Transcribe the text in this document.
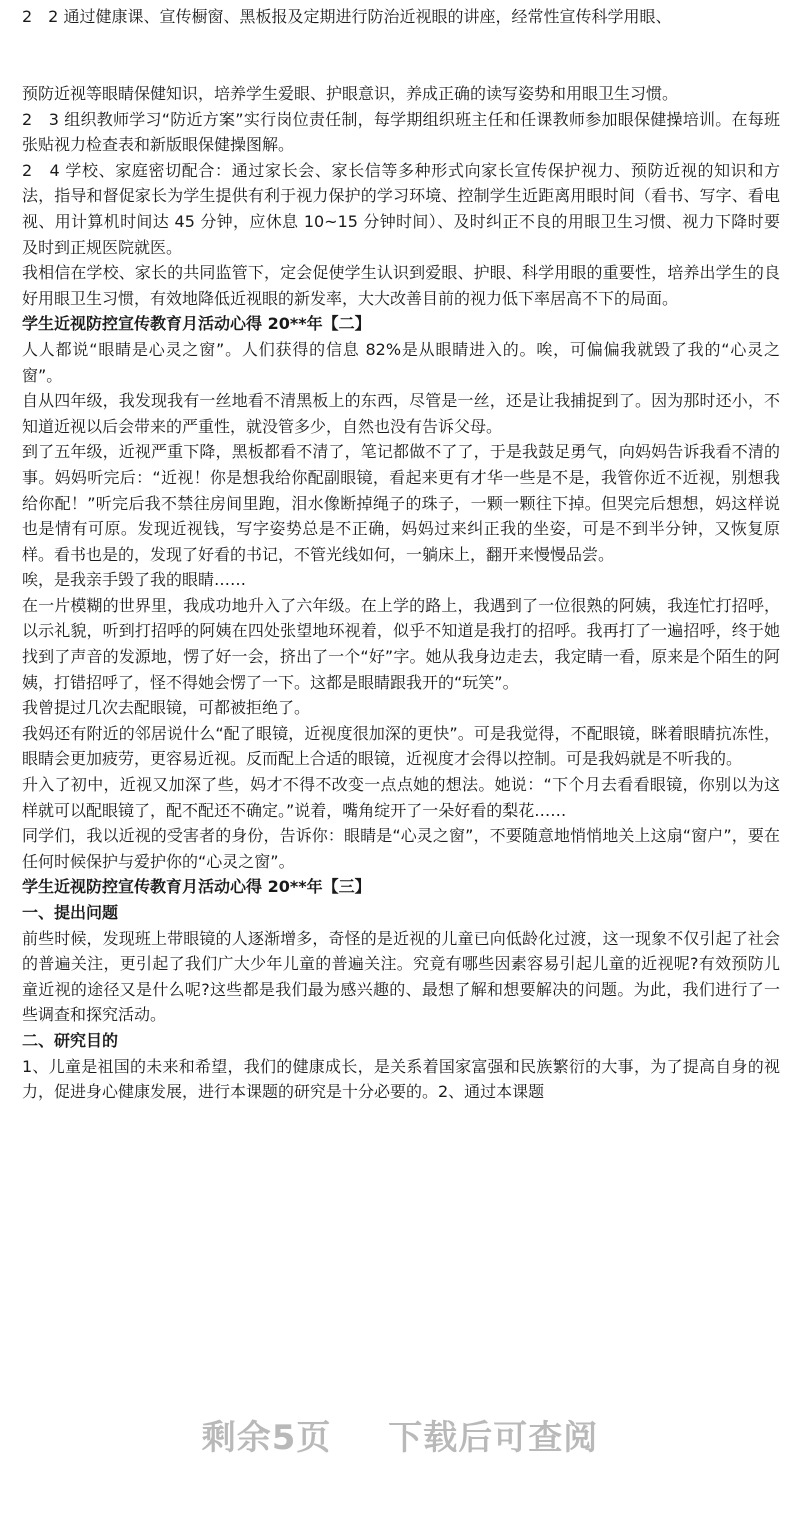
2　2 通过健康课、宣传橱窗、黑板报及定期进行防治近视眼的讲座，经常性宣传科学用眼、

预防近视等眼睛保健知识，培养学生爱眼、护眼意识，养成正确的读写姿势和用眼卫生习惯。

2　3 组织教师学习“防近方案”实行岗位责任制，每学期组织班主任和任课教师参加眼保健操培训。在每班张贴视力检查表和新版眼保健操图解。

2　4 学校、家庭密切配合：通过家长会、家长信等多种形式向家长宣传保护视力、预防近视的知识和方法，指导和督促家长为学生提供有利于视力保护的学习环境、控制学生近距离用眼时间（看书、写字、看电视、用计算机时间达 45 分钟，应休息 10~15 分钟时间）、及时纠正不良的用眼卫生习惯、视力下降时要及时到正规医院就医。

我相信在学校、家长的共同监管下，定会促使学生认识到爱眼、护眼、科学用眼的重要性，培养出学生的良好用眼卫生习惯，有效地降低近视眼的新发率，大大改善目前的视力低下率居高不下的局面。

学生近视防控宣传教育月活动心得 20**年【二】

人人都说“眼睛是心灵之窗”。人们获得的信息 82%是从眼睛进入的。唉，可偏偏我就毁了我的“心灵之窗”。

自从四年级，我发现我有一丝地看不清黑板上的东西，尽管是一丝，还是让我捕捉到了。因为那时还小，不知道近视以后会带来的严重性，就没管多少，自然也没有告诉父母。

到了五年级，近视严重下降，黑板都看不清了，笔记都做不了了，于是我鼓足勇气，向妈妈告诉我看不清的事。妈妈听完后：“近视！你是想我给你配副眼镜，看起来更有才华一些是不是，我管你近不近视，别想我给你配！”听完后我不禁往房间里跑，泪水像断掉绳子的珠子，一颗一颗往下掉。但哭完后想想，妈这样说也是情有可原。发现近视钱，写字姿势总是不正确，妈妈过来纠正我的坐姿，可是不到半分钟，又恢复原样。看书也是的，发现了好看的书记，不管光线如何，一躺床上，翻开来慢慢品尝。

唉，是我亲手毁了我的眼睛……

在一片模糊的世界里，我成功地升入了六年级。在上学的路上，我遇到了一位很熟的阿姨，我连忙打招呼，以示礼貌，听到打招呼的阿姨在四处张望地环视着，似乎不知道是我打的招呼。我再打了一遍招呼，终于她找到了声音的发源地，愣了好一会，挤出了一个“好”字。她从我身边走去，我定睛一看，原来是个陌生的阿姨，打错招呼了，怪不得她会愣了一下。这都是眼睛跟我开的“玩笑”。

我曾提过几次去配眼镜，可都被拒绝了。

我妈还有附近的邻居说什么“配了眼镜，近视度很加深的更快”。可是我觉得，不配眼镜，眯着眼睛抗冻性，眼睛会更加疲劳，更容易近视。反而配上合适的眼镜，近视度才会得以控制。可是我妈就是不听我的。

升入了初中，近视又加深了些，妈才不得不改变一点点她的想法。她说：“下个月去看看眼镜，你别以为这样就可以配眼镜了，配不配还不确定。”说着，嘴角绽开了一朵好看的梨花……

同学们，我以近视的受害者的身份，告诉你：眼睛是“心灵之窗”，不要随意地悄悄地关上这扇“窗户”，要在任何时候保护与爱护你的“心灵之窗”。

学生近视防控宣传教育月活动心得 20**年【三】

一、提出问题

前些时候，发现班上带眼镜的人逐渐增多，奇怪的是近视的儿童已向低龄化过渡，这一现象不仅引起了社会的普遍关注，更引起了我们广大少年儿童的普遍关注。究竟有哪些因素容易引起儿童的近视呢?有效预防儿童近视的途径又是什么呢?这些都是我们最为感兴趣的、最想了解和想要解决的问题。为此，我们进行了一些调查和探究活动。

二、研究目的

1、儿童是祖国的未来和希望，我们的健康成长，是关系着国家富强和民族繁衍的大事，为了提高自身的视力，促进身心健康发展，进行本课题的研究是十分必要的。2、通过本课题

剩余5页 下载后可查阅
